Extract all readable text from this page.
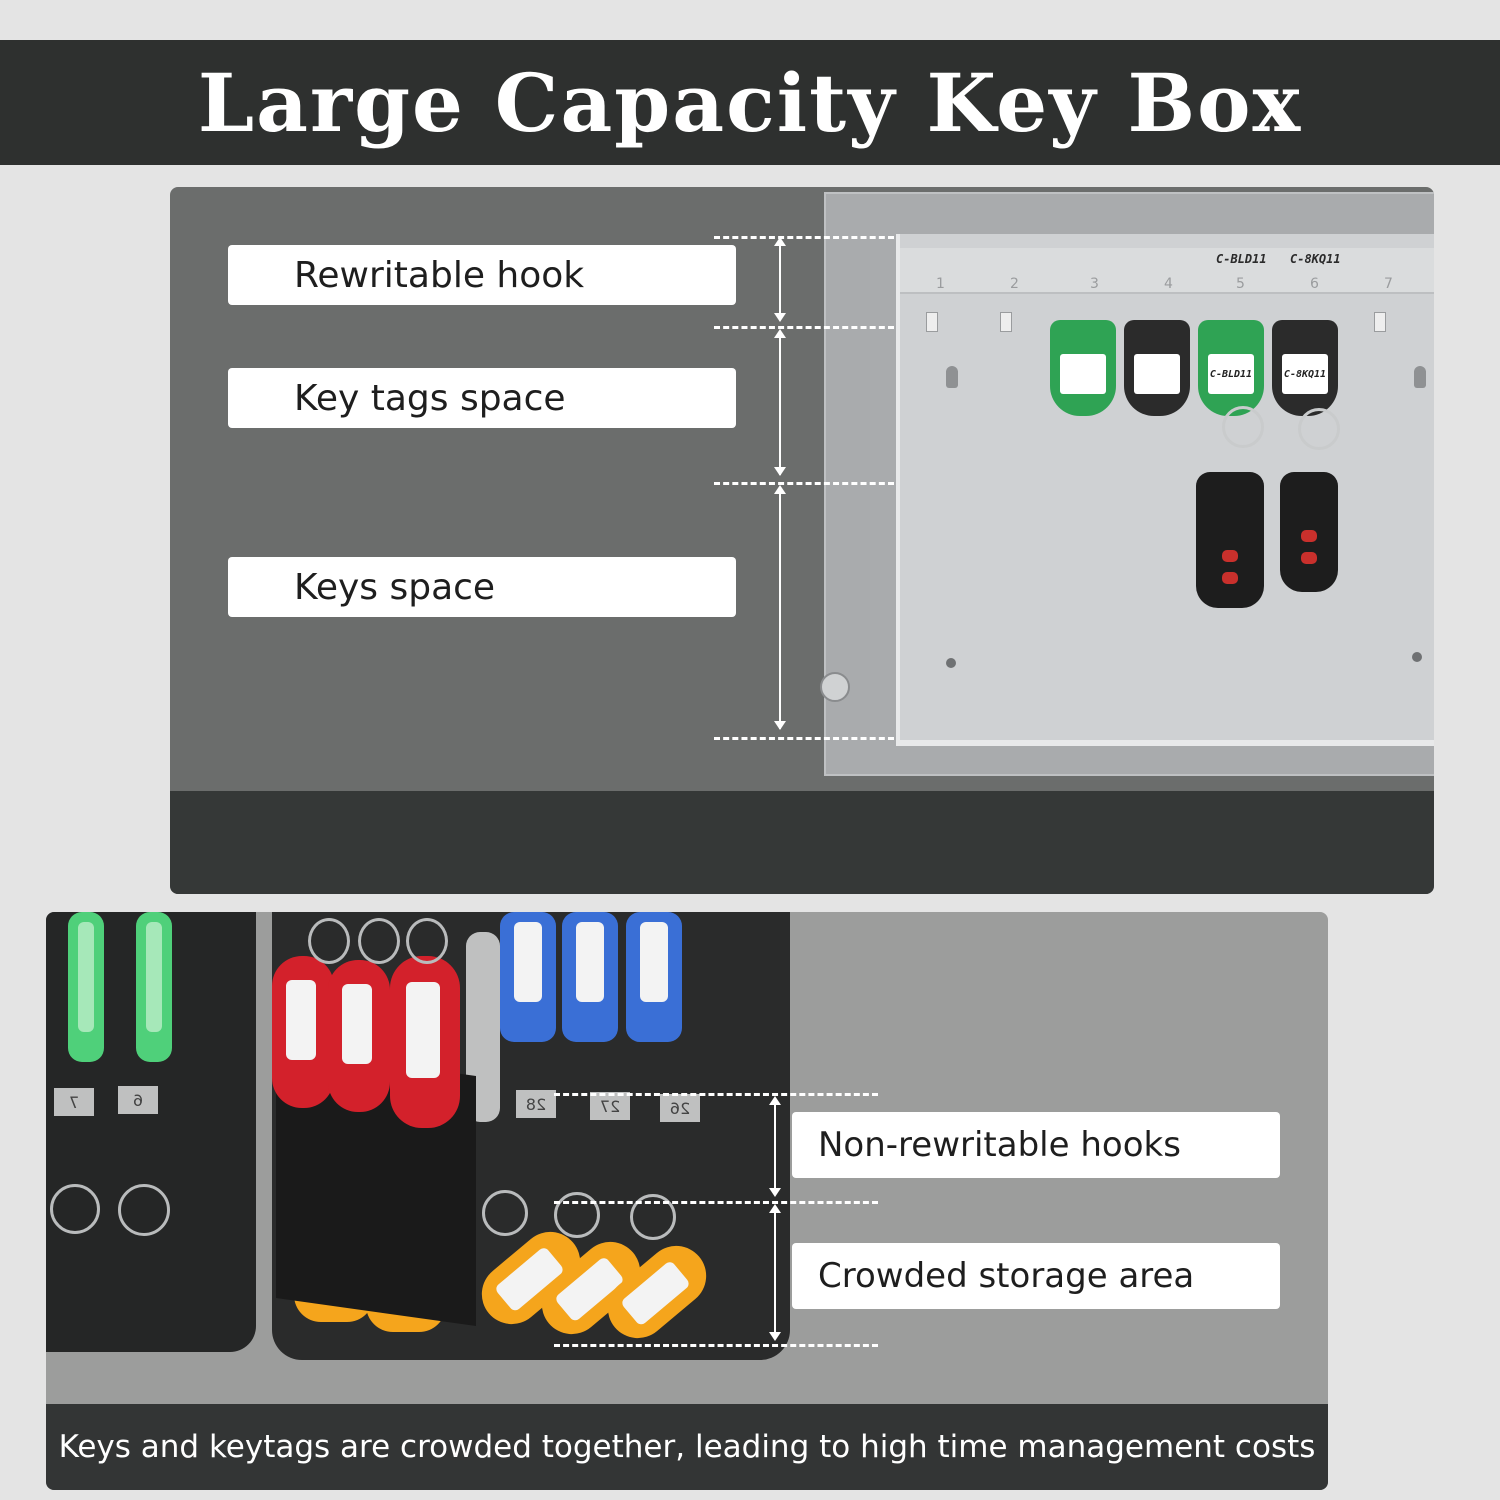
Large Capacity Key Box
C-BLD11 C-8KQ11
1	2	3	4	5	6	7
C-BLD11	C-8KQ11
Rewritable hook
Key tags space
Keys space
7	6	28	27	26
Non-rewritable hooks
Crowded storage area
Keys and keytags are crowded together, leading to high time management costs
